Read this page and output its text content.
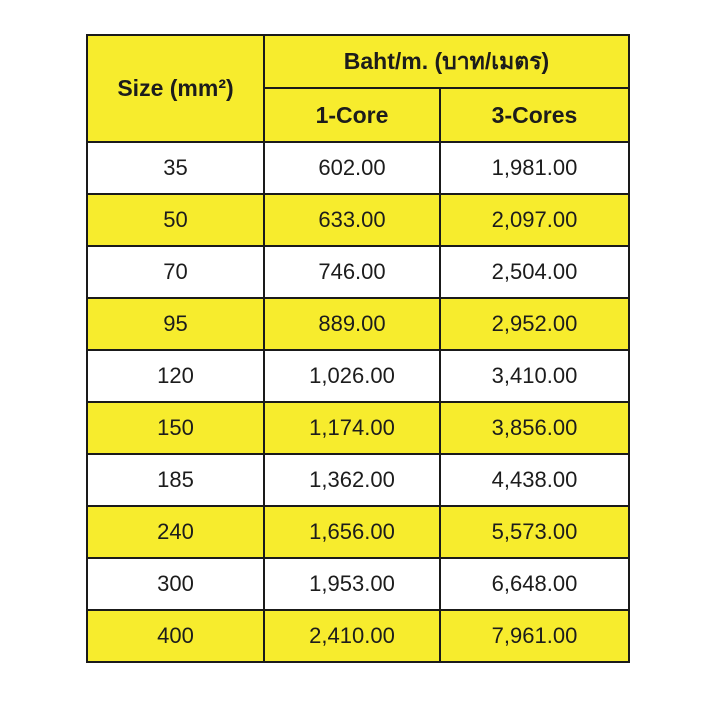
Size (mm²)	Baht/m. (บาท/เมตร)	
	1-Core	3-Cores
35	602.00	1,981.00
50	633.00	2,097.00
70	746.00	2,504.00
95	889.00	2,952.00
120	1,026.00	3,410.00
150	1,174.00	3,856.00
185	1,362.00	4,438.00
240	1,656.00	5,573.00
300	1,953.00	6,648.00
400	2,410.00	7,961.00
